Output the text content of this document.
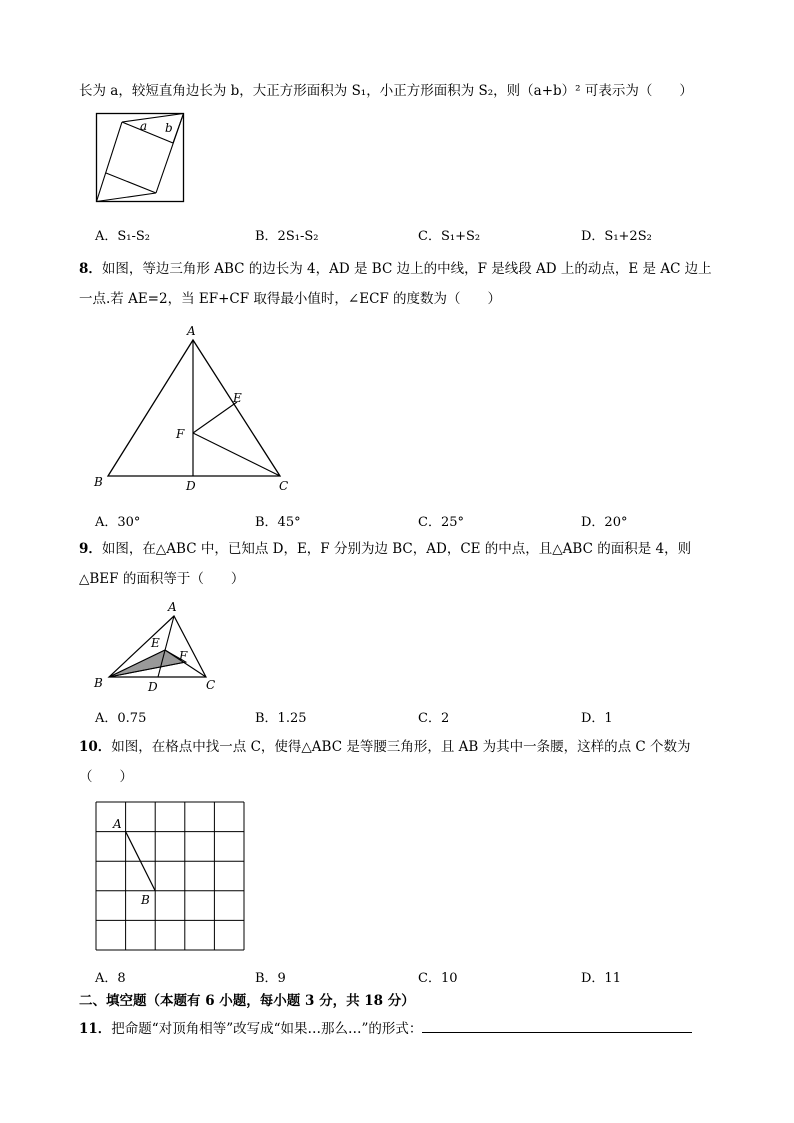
长为 a，较短直角边长为 b，大正方形面积为 S₁，小正方形面积为 S₂，则（a+b）² 可表示为（　　）
a b
A．S₁-S₂	B．2S₁-S₂	C．S₁+S₂	D．S₁+2S₂
8．如图，等边三角形 ABC 的边长为 4，AD 是 BC 边上的中线，F 是线段 AD 上的动点，E 是 AC 边上
一点.若 AE=2，当 EF+CF 取得最小值时，∠ECF 的度数为（　　）
A
B	C
D
E
F
A．30°	B．45°	C．25°	D．20°
9．如图，在△ABC 中，已知点 D，E，F 分别为边 BC，AD，CE 的中点，且△ABC 的面积是 4，则
△BEF 的面积等于（　　）
A
B	C
D
E
F
A．0.75	B．1.25	C．2	D．1
10．如图，在格点中找一点 C，使得△ABC 是等腰三角形，且 AB 为其中一条腰，这样的点 C 个数为
（　　）
A
B
A．8	B．9	C．10	D．11
二、填空题（本题有 6 小题，每小题 3 分，共 18 分）
11．把命题“对顶角相等”改写成“如果…那么…”的形式：
